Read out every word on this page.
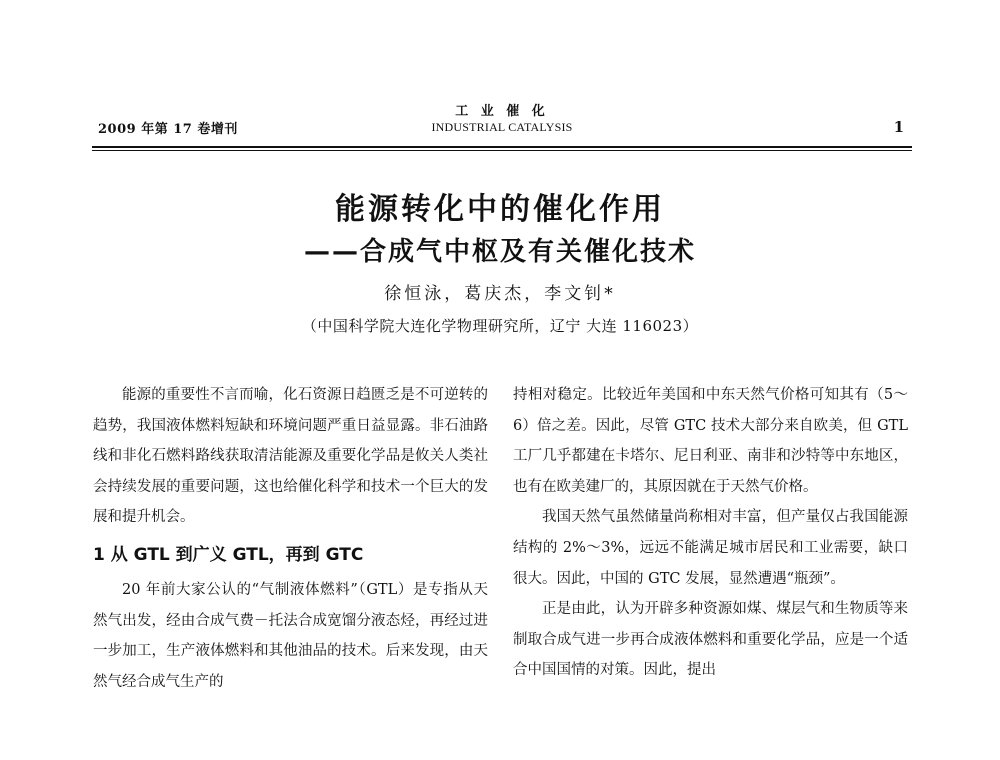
2009 年第 17 卷增刊
工 业 催 化
INDUSTRIAL CATALYSIS	1
能源转化中的催化作用
——合成气中枢及有关催化技术
徐恒泳，葛庆杰，李文钊*
（中国科学院大连化学物理研究所，辽宁 大连 116023）

能源的重要性不言而喻，化石资源日趋匮乏是不可逆转的趋势，我国液体燃料短缺和环境问题严重日益显露。非石油路线和非化石燃料路线获取清洁能源及重要化学品是攸关人类社会持续发展的重要问题，这也给催化科学和技术一个巨大的发展和提升机会。

1 从 GTL 到广义 GTL，再到 GTC

20 年前大家公认的“气制液体燃料”（GTL）是专指从天然气出发，经由合成气费－托法合成宽馏分液态烃，再经过进一步加工，生产液体燃料和其他油品的技术。后来发现，由天然气经合成气生产的

持相对稳定。比较近年美国和中东天然气价格可知其有（5～6）倍之差。因此，尽管 GTC 技术大部分来自欧美，但 GTL 工厂几乎都建在卡塔尔、尼日利亚、南非和沙特等中东地区，也有在欧美建厂的，其原因就在于天然气价格。

我国天然气虽然储量尚称相对丰富，但产量仅占我国能源结构的 2%～3%，远远不能满足城市居民和工业需要，缺口很大。因此，中国的 GTC 发展，显然遭遇“瓶颈”。

正是由此，认为开辟多种资源如煤、煤层气和生物质等来制取合成气进一步再合成液体燃料和重要化学品，应是一个适合中国国情的对策。因此，提出
